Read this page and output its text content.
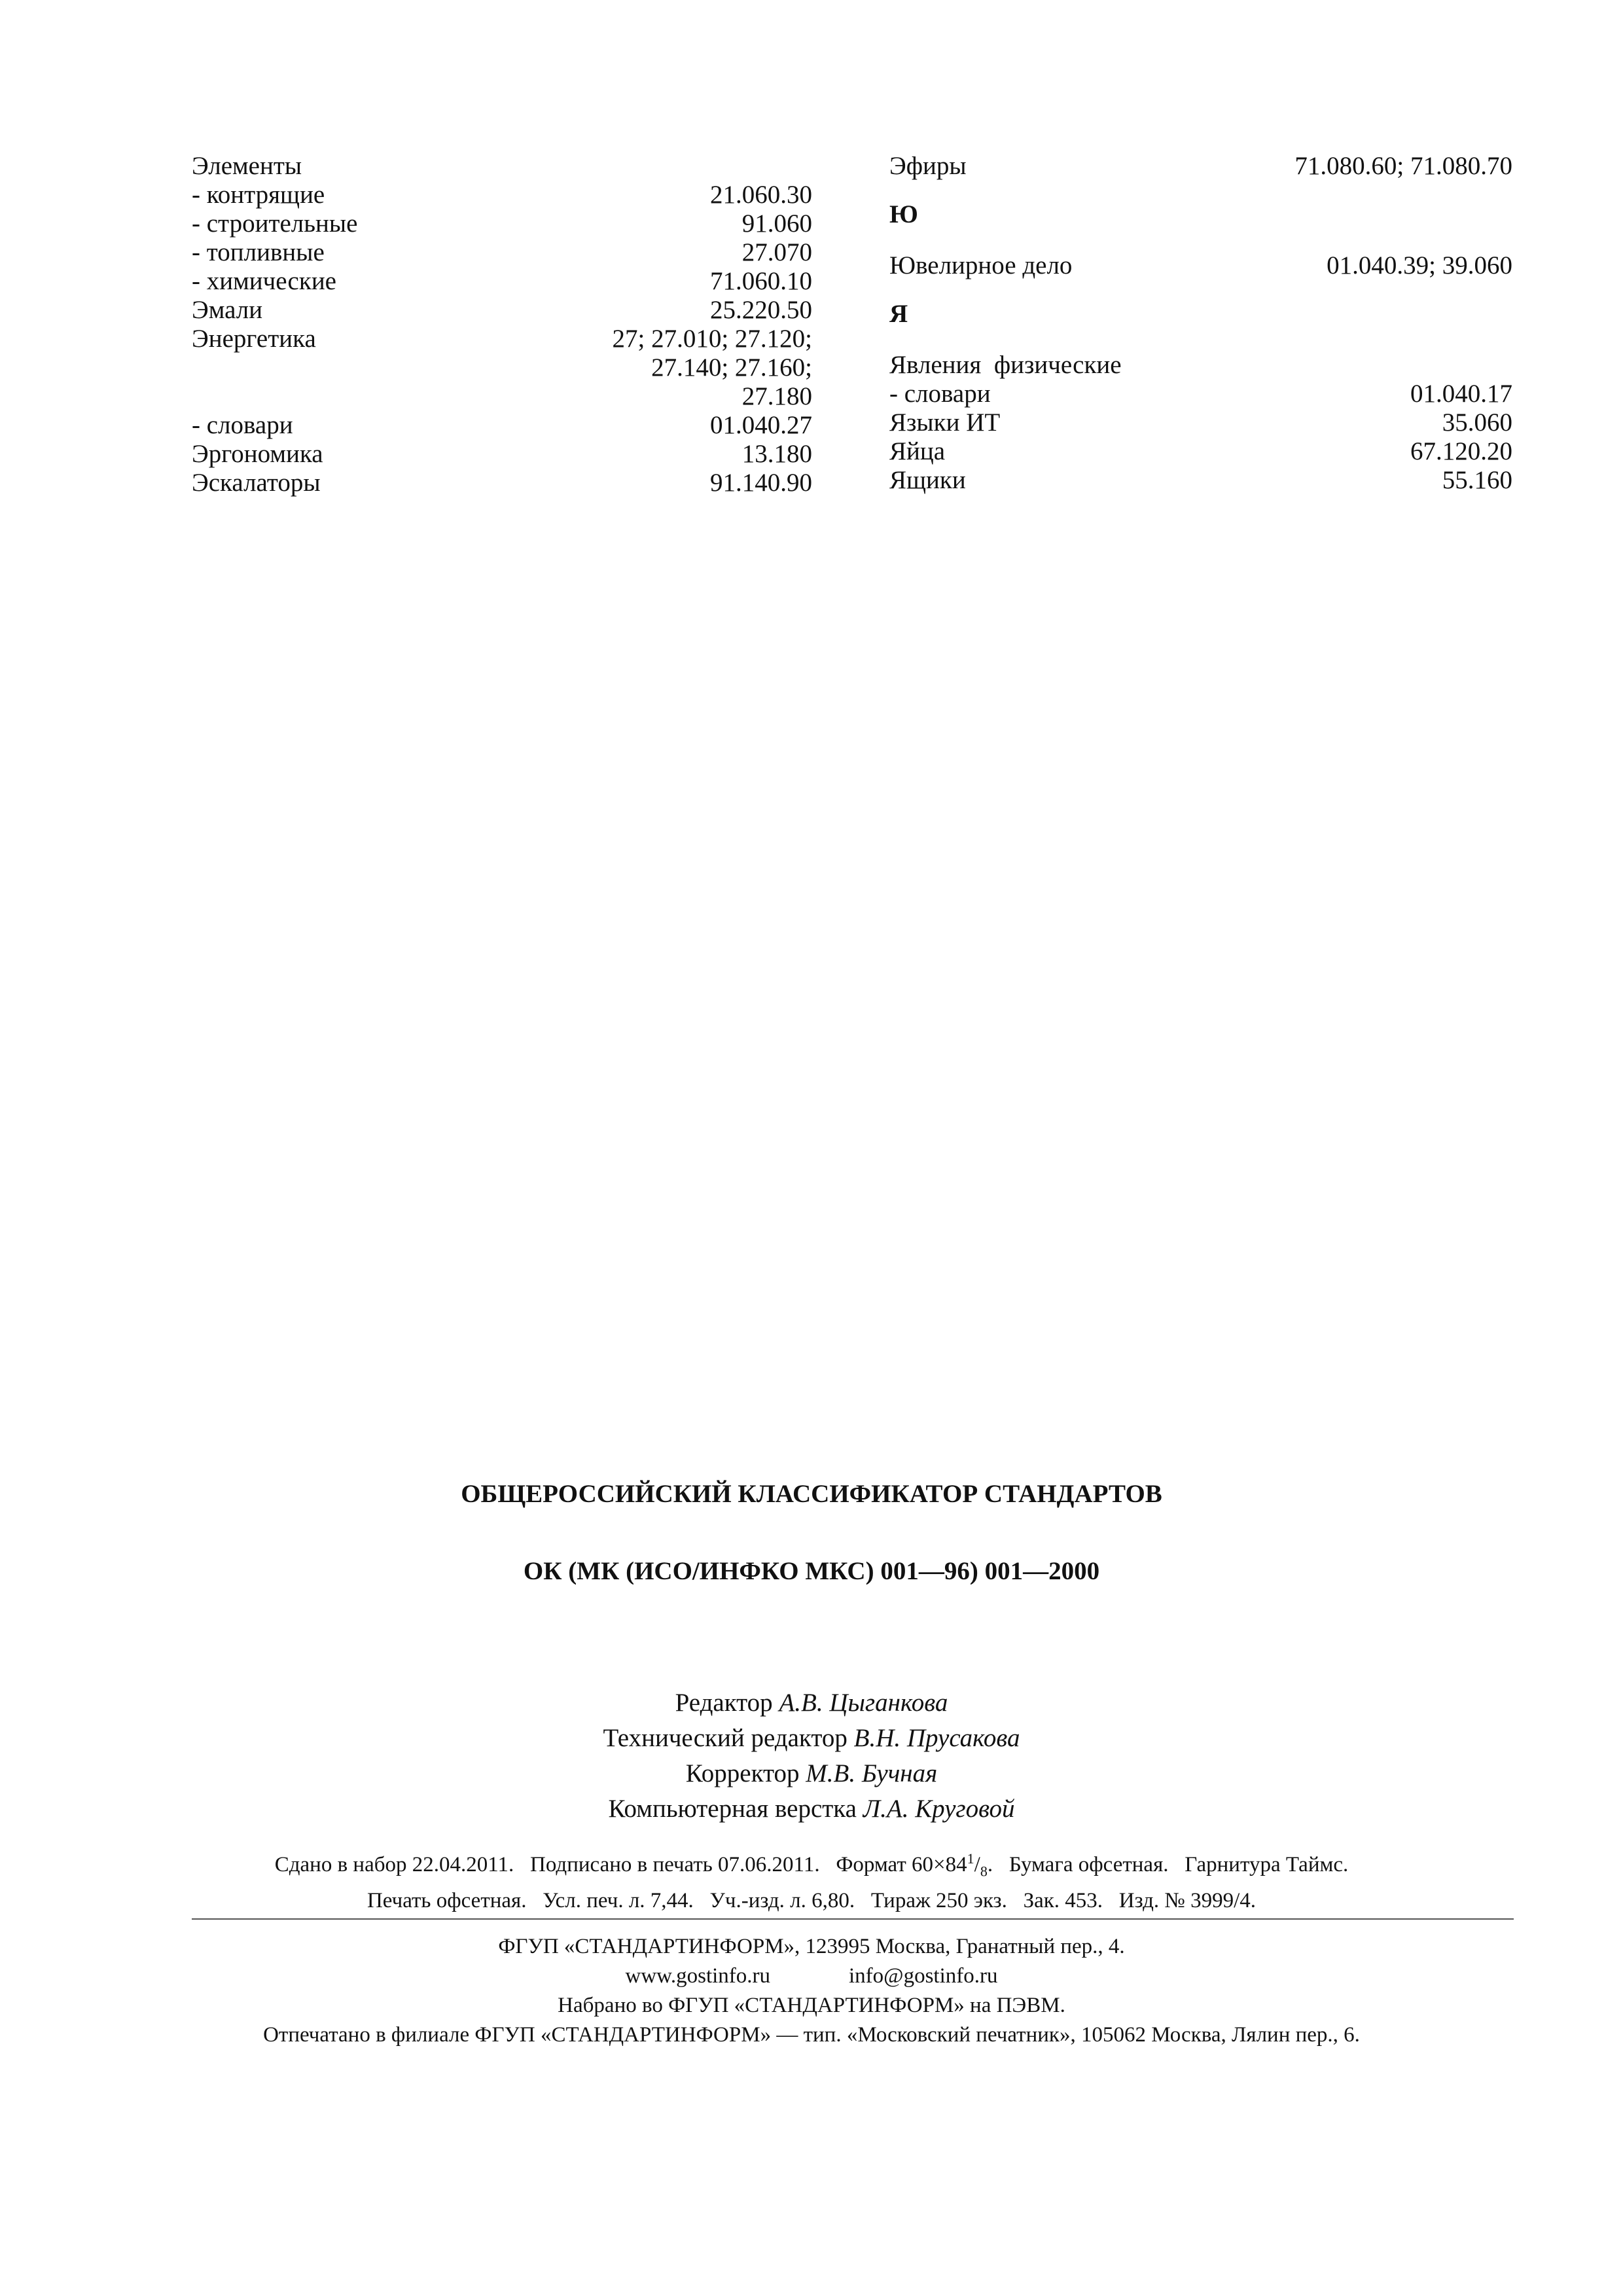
Элементы
- контрящие	21.060.30
- строительные	91.060
- топливные	27.070
- химические	71.060.10
Эмали	25.220.50
Энергетика	27; 27.010; 27.120;
27.140; 27.160;
27.180
- словари	01.040.27
Эргономика	13.180
Эскалаторы	91.140.90
Эфиры	71.080.60; 71.080.70
Ю
Ювелирное дело	01.040.39; 39.060
Я
Явления  физические
- словари	01.040.17
Языки ИТ	35.060
Яйца	67.120.20
Ящики	55.160
ОБЩЕРОССИЙСКИЙ КЛАССИФИКАТОР СТАНДАРТОВ
ОК (МК (ИСО/ИНФКО МКС) 001—96) 001—2000
Редактор А.В. Цыганкова
Технический редактор В.Н. Прусакова
Корректор М.В. Бучная
Компьютерная верстка Л.А. Круговой
Сдано в набор 22.04.2011.   Подписано в печать 07.06.2011.   Формат $60\times 84^1/_8$.   Бумага офсетная.   Гарнитура Таймс.
Печать офсетная.   Усл. печ. л. 7,44.   Уч.-изд. л. 6,80.   Тираж 250 экз.   Зак. 453.   Изд. № 3999/4.
ФГУП «СТАНДАРТИНФОРМ», 123995 Москва, Гранатный пер., 4.
www.gostinfo.ru	info@gostinfo.ru
Набрано во ФГУП «СТАНДАРТИНФОРМ» на ПЭВМ.
Отпечатано в филиале ФГУП «СТАНДАРТИНФОРМ» — тип. «Московский печатник», 105062 Москва, Лялин пер., 6.
